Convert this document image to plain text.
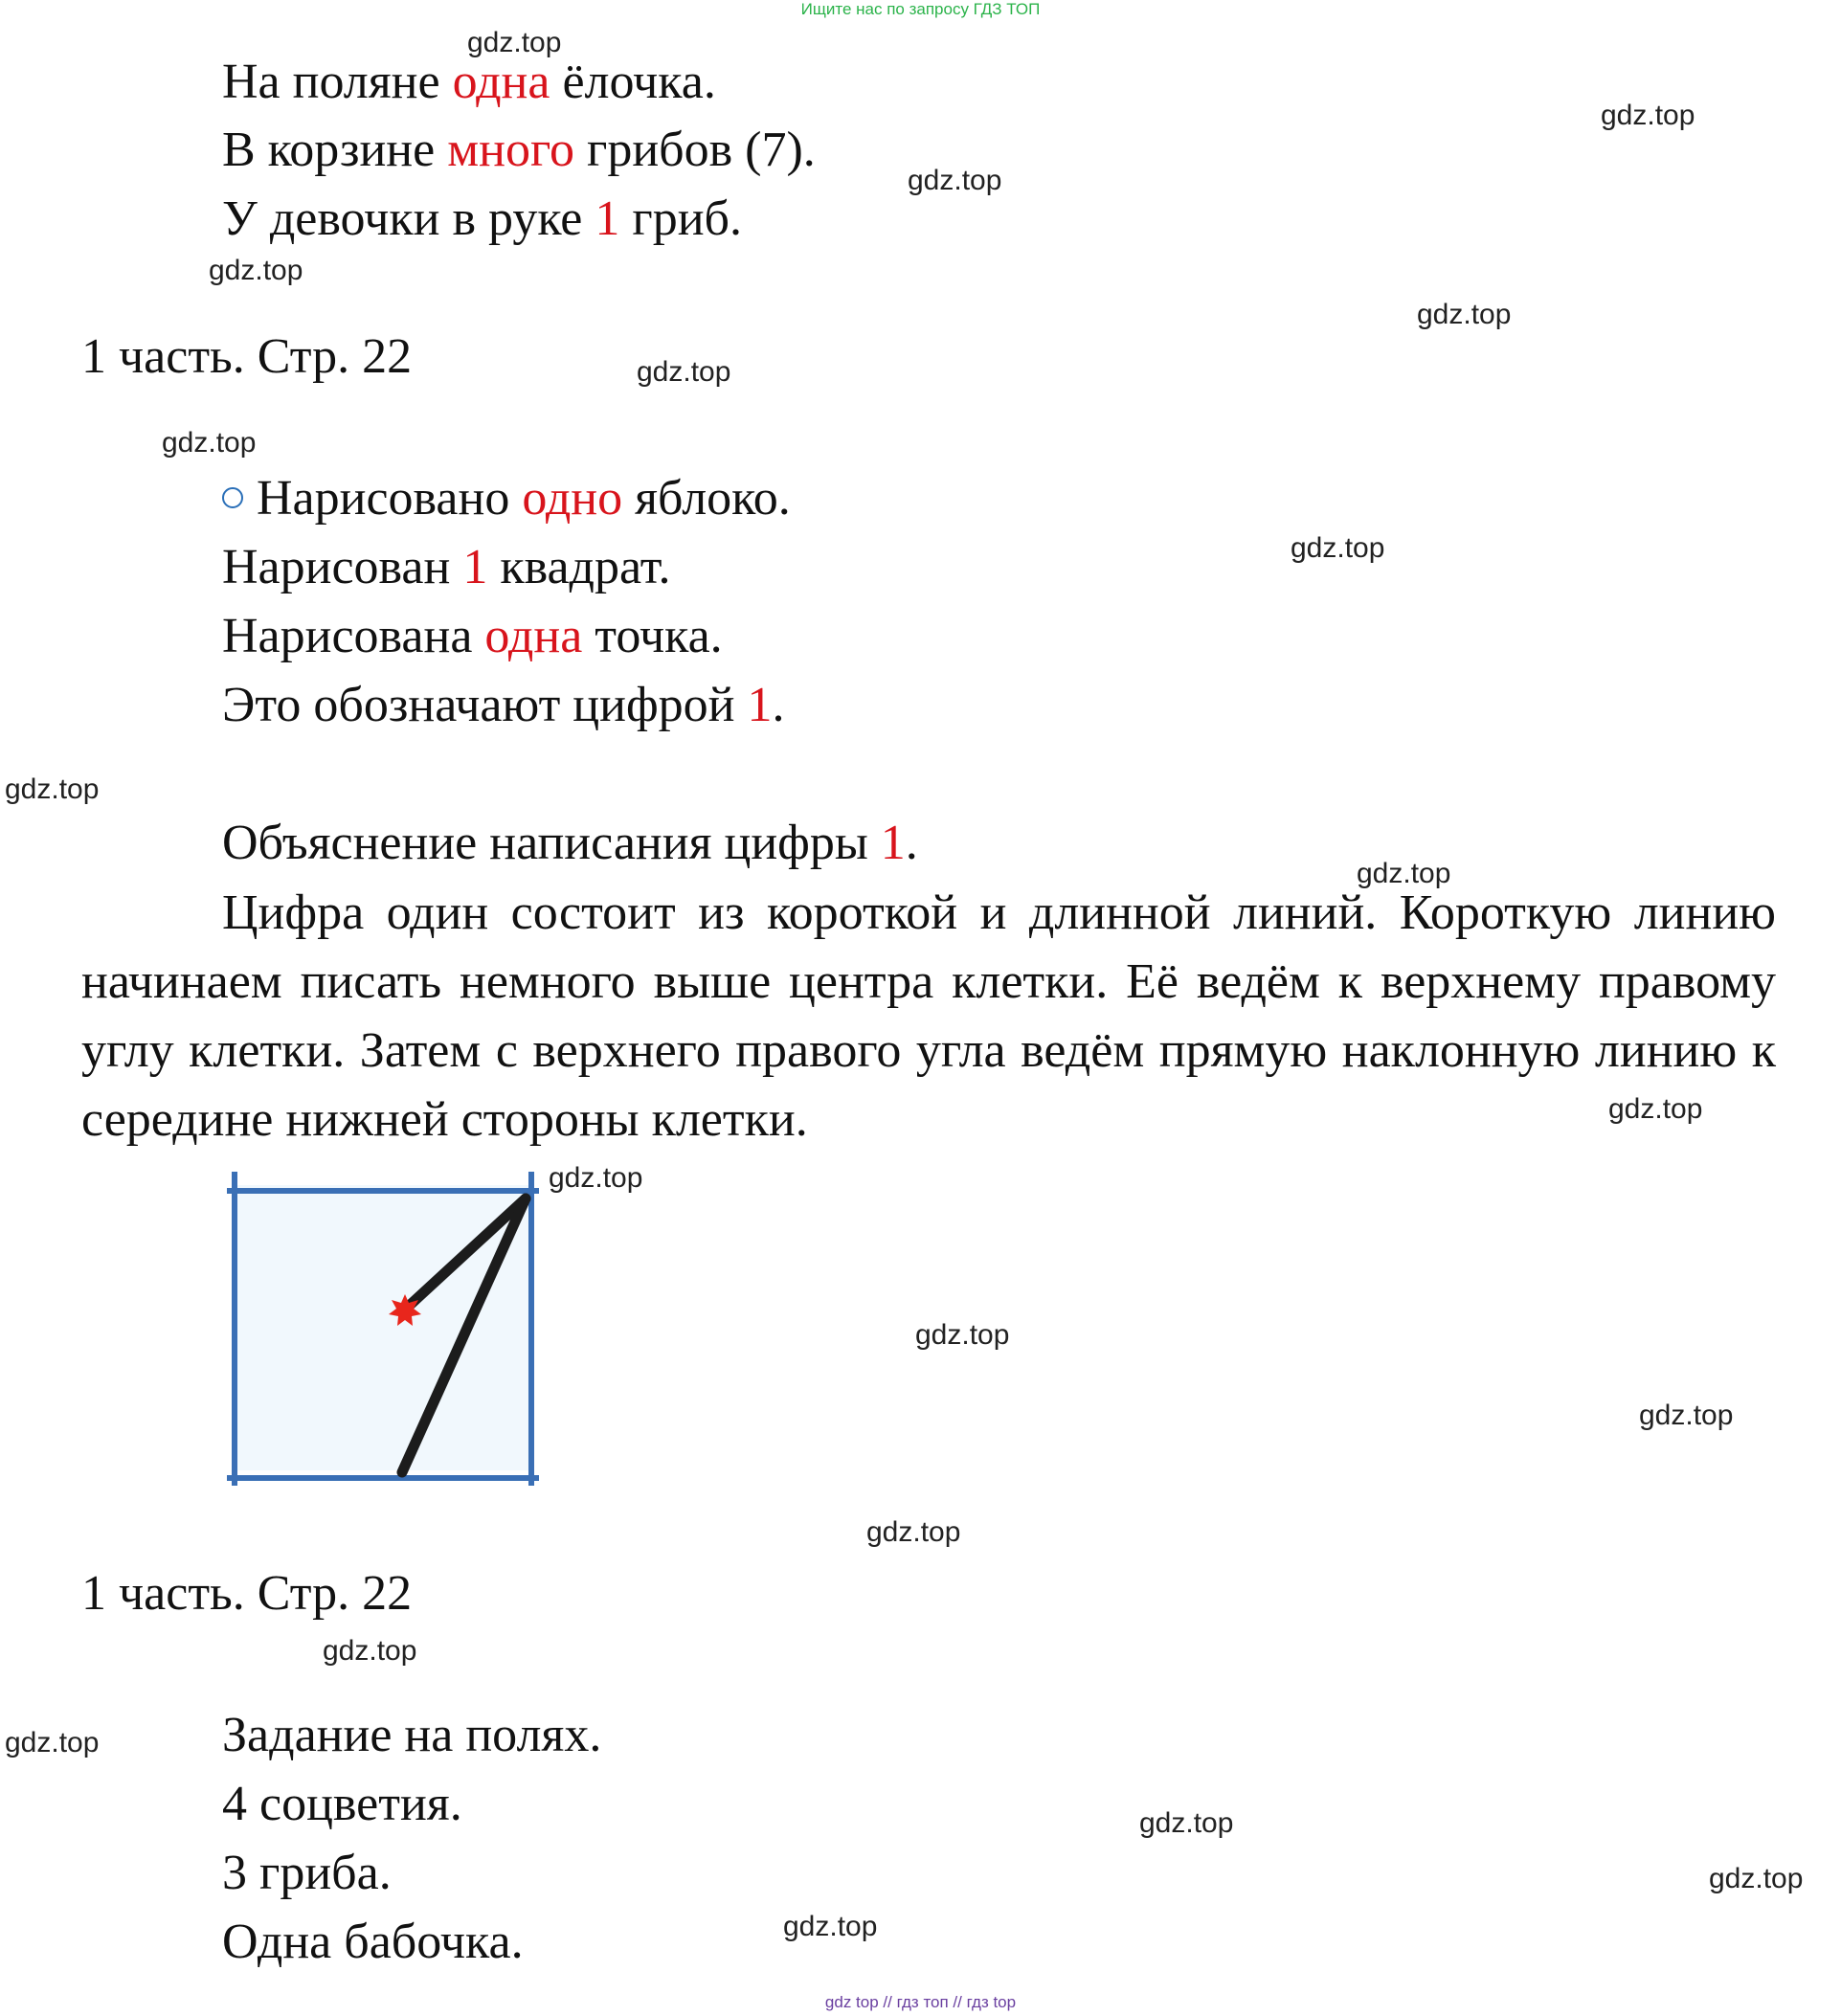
Ищите нас по запросу ГДЗ ТОП
На поляне одна ёлочка.
В корзине много грибов (7).
У девочки в руке 1 гриб.
1 часть. Стр. 22
Нарисовано одно яблоко.
Нарисован 1 квадрат.
Нарисована одна точка.
Это обозначают цифрой 1.
Объяснение написания цифры 1.
Цифра один состоит из короткой и длинной линий. Короткую линию начинаем писать немного выше центра клетки. Её ведём к верхнему правому углу клетки. Затем с верхнего правого угла ведём прямую наклонную линию к середине нижней стороны клетки.
1 часть. Стр. 22
Задание на полях.
4 соцветия.
3 гриба.
Одна бабочка.
gdz.top
gdz.top
gdz.top
gdz.top
gdz.top
gdz.top
gdz.top
gdz.top
gdz.top
gdz.top
gdz.top
gdz.top
gdz.top
gdz.top
gdz.top
gdz.top
gdz.top
gdz.top
gdz.top
gdz.top
gdz top // гдз топ // гдз top
